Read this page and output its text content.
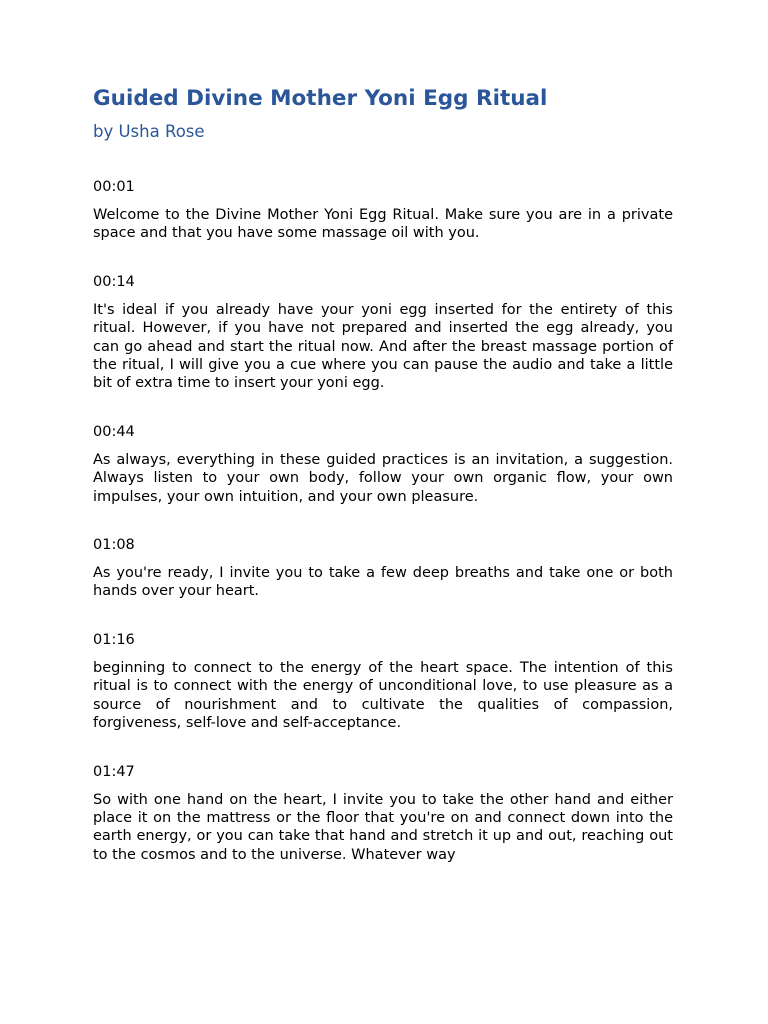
Guided Divine Mother Yoni Egg Ritual
by Usha Rose
00:01

Welcome to the Divine Mother Yoni Egg Ritual. Make sure you are in a private space and that you have some massage oil with you.

00:14

It's ideal if you already have your yoni egg inserted for the entirety of this ritual. However, if you have not prepared and inserted the egg already, you can go ahead and start the ritual now. And after the breast massage portion of the ritual, I will give you a cue where you can pause the audio and take a little bit of extra time to insert your yoni egg.

00:44

As always, everything in these guided practices is an invitation, a suggestion. Always listen to your own body, follow your own organic flow, your own impulses, your own intuition, and your own pleasure.

01:08

As you're ready, I invite you to take a few deep breaths and take one or both hands over your heart.

01:16

beginning to connect to the energy of the heart space. The intention of this ritual is to connect with the energy of unconditional love, to use pleasure as a source of nourishment and to cultivate the qualities of compassion, forgiveness, self-love and self-acceptance.

01:47

So with one hand on the heart, I invite you to take the other hand and either place it on the mattress or the floor that you're on and connect down into the earth energy, or you can take that hand and stretch it up and out, reaching out to the cosmos and to the universe. Whatever way
